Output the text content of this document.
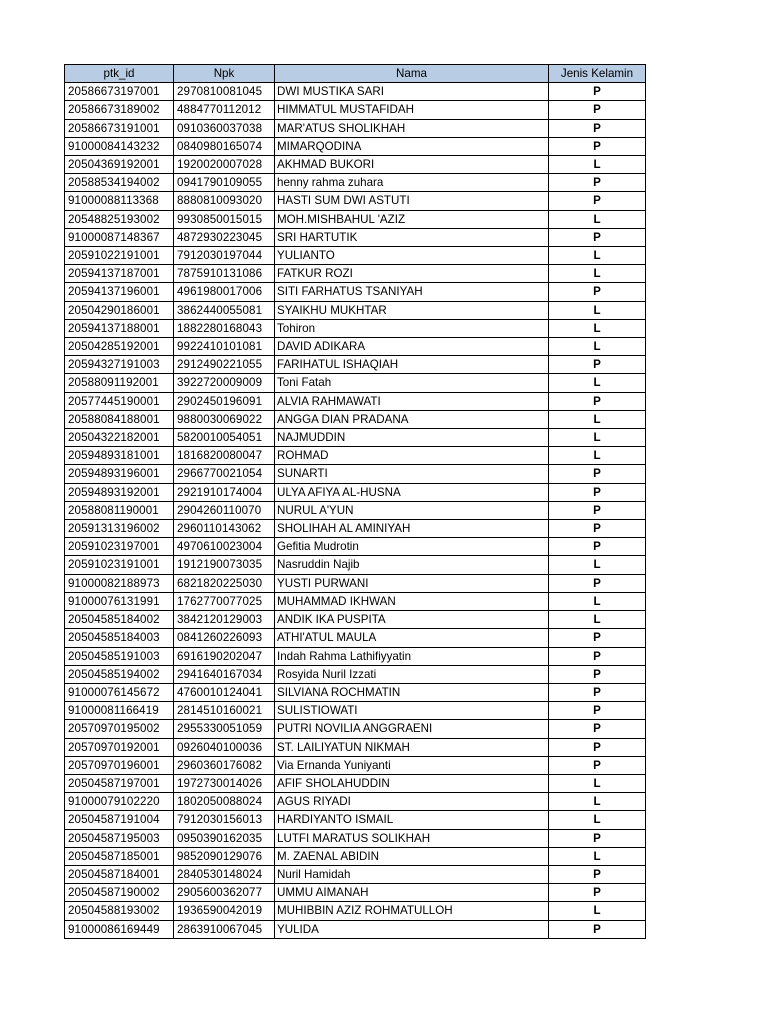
ptk_id	Npk	Nama	Jenis Kelamin
20586673197001	2970810081045	DWI MUSTIKA SARI	P
20586673189002	4884770112012	HIMMATUL MUSTAFIDAH	P
20586673191001	0910360037038	MAR'ATUS SHOLIKHAH	P
91000084143232	0840980165074	MIMARQODINA	P
20504369192001	1920020007028	AKHMAD BUKORI	L
20588534194002	0941790109055	henny rahma zuhara	P
91000088113368	8880810093020	HASTI SUM DWI ASTUTI	P
20548825193002	9930850015015	MOH.MISHBAHUL 'AZIZ	L
91000087148367	4872930223045	SRI HARTUTIK	P
20591022191001	7912030197044	YULIANTO	L
20594137187001	7875910131086	FATKUR ROZI	L
20594137196001	4961980017006	SITI FARHATUS TSANIYAH	P
20504290186001	3862440055081	SYAIKHU MUKHTAR	L
20594137188001	1882280168043	Tohiron	L
20504285192001	9922410101081	DAVID ADIKARA	L
20594327191003	2912490221055	FARIHATUL ISHAQIAH	P
20588091192001	3922720009009	Toni Fatah	L
20577445190001	2902450196091	ALVIA RAHMAWATI	P
20588084188001	9880030069022	ANGGA DIAN PRADANA	L
20504322182001	5820010054051	NAJMUDDIN	L
20594893181001	1816820080047	ROHMAD	L
20594893196001	2966770021054	SUNARTI	P
20594893192001	2921910174004	ULYA AFIYA AL-HUSNA	P
20588081190001	2904260110070	NURUL A'YUN	P
20591313196002	2960110143062	SHOLIHAH AL AMINIYAH	P
20591023197001	4970610023004	Gefitia Mudrotin	P
20591023191001	1912190073035	Nasruddin Najib	L
91000082188973	6821820225030	YUSTI PURWANI	P
91000076131991	1762770077025	MUHAMMAD IKHWAN	L
20504585184002	3842120129003	ANDIK IKA PUSPITA	L
20504585184003	0841260226093	ATHI'ATUL MAULA	P
20504585191003	6916190202047	Indah Rahma Lathifiyyatin	P
20504585194002	2941640167034	Rosyida Nuril Izzati	P
91000076145672	4760010124041	SILVIANA ROCHMATIN	P
91000081166419	2814510160021	SULISTIOWATI	P
20570970195002	2955330051059	PUTRI NOVILIA ANGGRAENI	P
20570970192001	0926040100036	ST. LAILIYATUN NIKMAH	P
20570970196001	2960360176082	Via Ernanda Yuniyanti	P
20504587197001	1972730014026	AFIF SHOLAHUDDIN	L
91000079102220	1802050088024	AGUS RIYADI	L
20504587191004	7912030156013	HARDIYANTO ISMAIL	L
20504587195003	0950390162035	LUTFI MARATUS SOLIKHAH	P
20504587185001	9852090129076	M. ZAENAL ABIDIN	L
20504587184001	2840530148024	Nuril Hamidah	P
20504587190002	2905600362077	UMMU AIMANAH	P
20504588193002	1936590042019	MUHIBBIN AZIZ ROHMATULLOH	L
91000086169449	2863910067045	YULIDA	P
